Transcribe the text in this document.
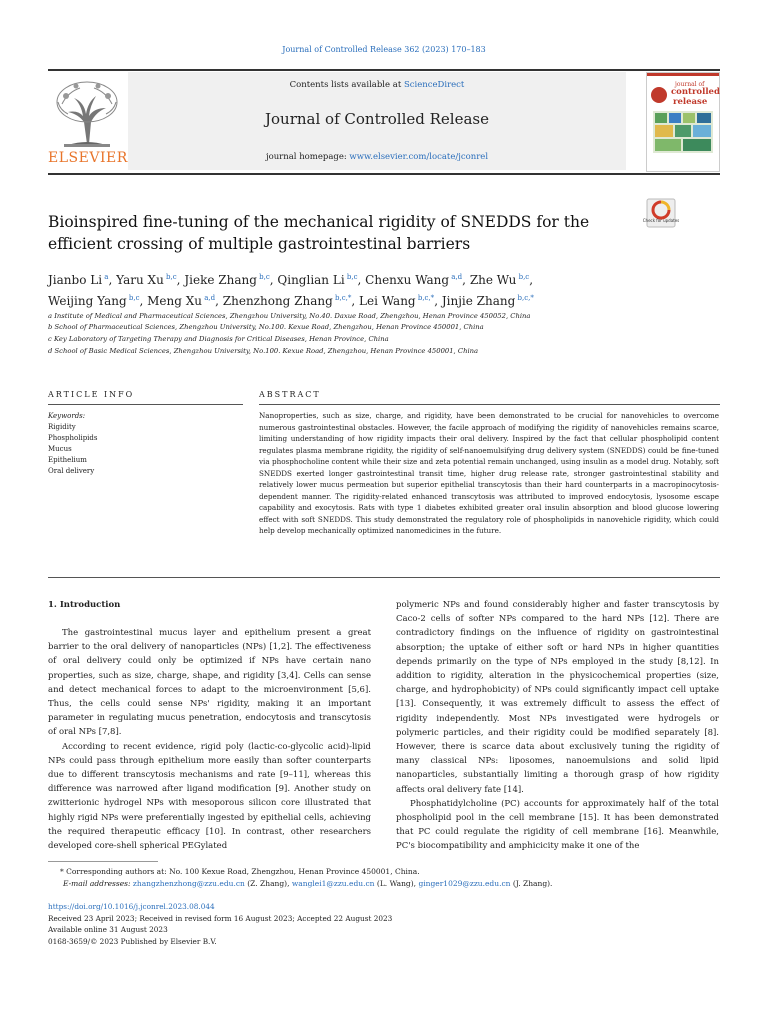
Journal of Controlled Release 362 (2023) 170–183
ELSEVIER
Contents lists available at ScienceDirect
Journal of Controlled Release
journal homepage: www.elsevier.com/locate/jconrel
journal of
controlled
release
Bioinspired fine-tuning of the mechanical rigidity of SNEDDS for the
efficient crossing of multiple gastrointestinal barriers
Check for updates
Jianbo Li $^a$, Yaru Xu $^{b,c}$, Jieke Zhang $^{b,c}$, Qinglian Li $^{b,c}$, Chenxu Wang $^{a,d}$, Zhe Wu $^{b,c}$,
Weijing Yang $^{b,c}$, Meng Xu $^{a,d}$, Zhenzhong Zhang $^{b,c,*}$, Lei Wang $^{b,c,*}$, Jinjie Zhang $^{b,c,*}$
a Institute of Medical and Pharmaceutical Sciences, Zhengzhou University, No.40. Daxue Road, Zhengzhou, Henan Province 450052, China
b School of Pharmaceutical Sciences, Zhengzhou University, No.100. Kexue Road, Zhengzhou, Henan Province 450001, China
c Key Laboratory of Targeting Therapy and Diagnosis for Critical Diseases, Henan Province, China
d School of Basic Medical Sciences, Zhengzhou University, No.100. Kexue Road, Zhengzhou, Henan Province 450001, China
ARTICLE INFO	ABSTRACT
Keywords:
Rigidity
Phospholipids
Mucus
Epithelium
Oral delivery
Nanoproperties, such as size, charge, and rigidity, have been demonstrated to be crucial for nanovehicles to overcome numerous gastrointestinal obstacles. However, the facile approach of modifying the rigidity of nanovehicles remains scarce, limiting understanding of how rigidity impacts their oral delivery. Inspired by the fact that cellular phospholipid content regulates plasma membrane rigidity, the rigidity of self-nanoemulsifying drug delivery system (SNEDDS) could be fine-tuned via phosphocholine content while their size and zeta potential remain unchanged, using insulin as a model drug. Notably, soft SNEDDS exerted longer gastrointestinal transit time, higher drug release rate, stronger gastrointestinal stability and relatively lower mucus permeation but superior epithelial transcytosis than their hard counterparts in a macropinocytosis-dependent manner. The rigidity-related enhanced transcytosis was attributed to improved endocytosis, lysosome escape capability and exocytosis. Rats with type 1 diabetes exhibited greater oral insulin absorption and blood glucose lowering effect with soft SNEDDS. This study demonstrated the regulatory role of phospholipids in nanovehicle rigidity, which could help develop mechanically optimized nanomedicines in the future.
1. Introduction

The gastrointestinal mucus layer and epithelium present a great barrier to the oral delivery of nanoparticles (NPs) [1,2]. The effectiveness of oral delivery could only be optimized if NPs have certain nano properties, such as size, charge, shape, and rigidity [3,4]. Cells can sense and detect mechanical forces to adapt to the microenvironment [5,6]. Thus, the cells could sense NPs' rigidity, making it an important parameter in regulating mucus penetration, endocytosis and transcytosis of oral NPs [7,8].

According to recent evidence, rigid poly (lactic-co-glycolic acid)-lipid NPs could pass through epithelium more easily than softer counterparts due to different transcytosis mechanisms and rate [9–11], whereas this difference was narrowed after ligand modification [9]. Another study on zwitterionic hydrogel NPs with mesoporous silicon core illustrated that highly rigid NPs were preferentially ingested by epithelial cells, achieving the required therapeutic efficacy [10]. In contrast, other researchers developed core-shell spherical PEGylated

polymeric NPs and found considerably higher and faster transcytosis by Caco-2 cells of softer NPs compared to the hard NPs [12]. There are contradictory findings on the influence of rigidity on gastrointestinal absorption; the uptake of either soft or hard NPs in higher quantities depends primarily on the type of NPs employed in the study [8,12]. In addition to rigidity, alteration in the physicochemical properties (size, charge, and hydrophobicity) of NPs could significantly impact cell uptake [13]. Consequently, it was extremely difficult to assess the effect of rigidity independently. Most NPs investigated were hydrogels or polymeric particles, and their rigidity could be modified separately [8]. However, there is scarce data about exclusively tuning the rigidity of many classical NPs: liposomes, nanoemulsions and solid lipid nanoparticles, substantially limiting a thorough grasp of how rigidity affects oral delivery fate [14].

Phosphatidylcholine (PC) accounts for approximately half of the total phospholipid pool in the cell membrane [15]. It has been demonstrated that PC could regulate the rigidity of cell membrane [16]. Meanwhile, PC's biocompatibility and amphicicity make it one of the

* Corresponding authors at: No. 100 Kexue Road, Zhengzhou, Henan Province 450001, China.
E-mail addresses: zhangzhenzhong@zzu.edu.cn (Z. Zhang), wanglei1@zzu.edu.cn (L. Wang), ginger1029@zzu.edu.cn (J. Zhang).
https://doi.org/10.1016/j.jconrel.2023.08.044
Received 23 April 2023; Received in revised form 16 August 2023; Accepted 22 August 2023
Available online 31 August 2023
0168-3659/© 2023 Published by Elsevier B.V.
